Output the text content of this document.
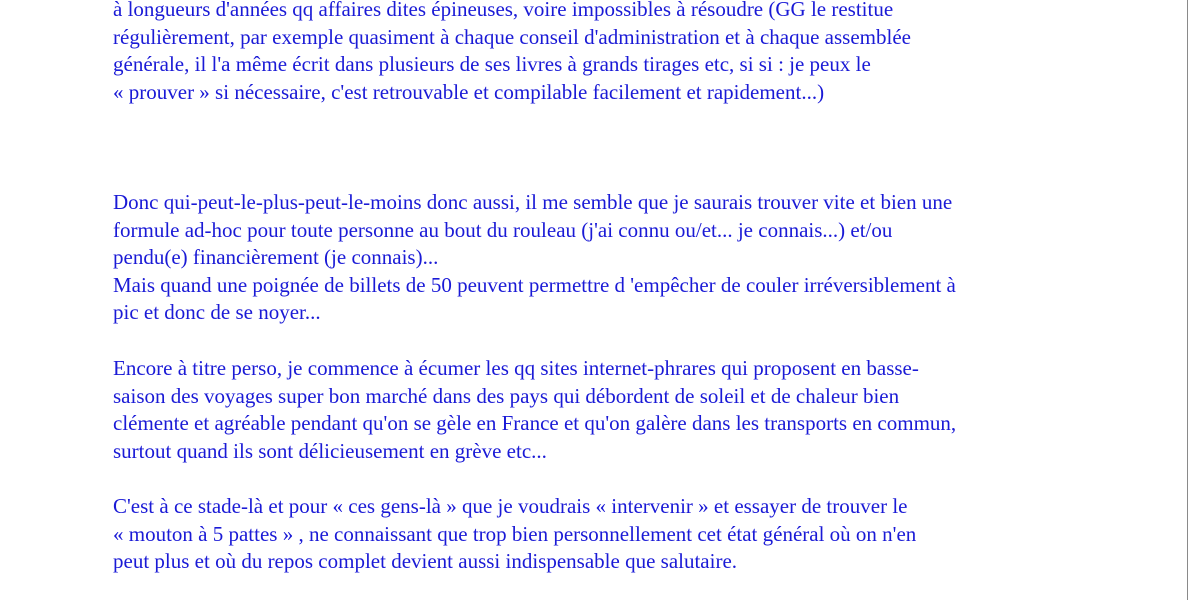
à longueurs d'années qq affaires dites épineuses, voire impossibles à résoudre (GG le restitue
régulièrement, par exemple quasiment à chaque conseil d'administration et à chaque assemblée
générale, il l'a même écrit dans plusieurs de ses livres à grands tirages etc, si si : je peux le
« prouver » si nécessaire, c'est retrouvable et compilable facilement et rapidement...)
Donc qui-peut-le-plus-peut-le-moins donc aussi, il me semble que je saurais trouver vite et bien une
formule ad-hoc pour toute personne au bout du rouleau (j'ai connu ou/et... je connais...) et/ou
pendu(e) financièrement (je connais)...
Mais quand une poignée de billets de 50 peuvent permettre d 'empêcher de couler irréversiblement à
pic et donc de se noyer...
Encore à titre perso, je commence à écumer les qq sites internet-phrares qui proposent en basse-
saison des voyages super bon marché dans des pays qui débordent de soleil et de chaleur bien
clémente et agréable pendant qu'on se gèle en France et qu'on galère dans les transports en commun,
surtout quand ils sont délicieusement en grève etc...
C'est à ce stade-là et pour « ces gens-là » que je voudrais « intervenir » et essayer de trouver le
« mouton à 5 pattes » , ne connaissant que trop bien personnellement cet état général où on n'en
peut plus et où du repos complet devient aussi indispensable que salutaire.
